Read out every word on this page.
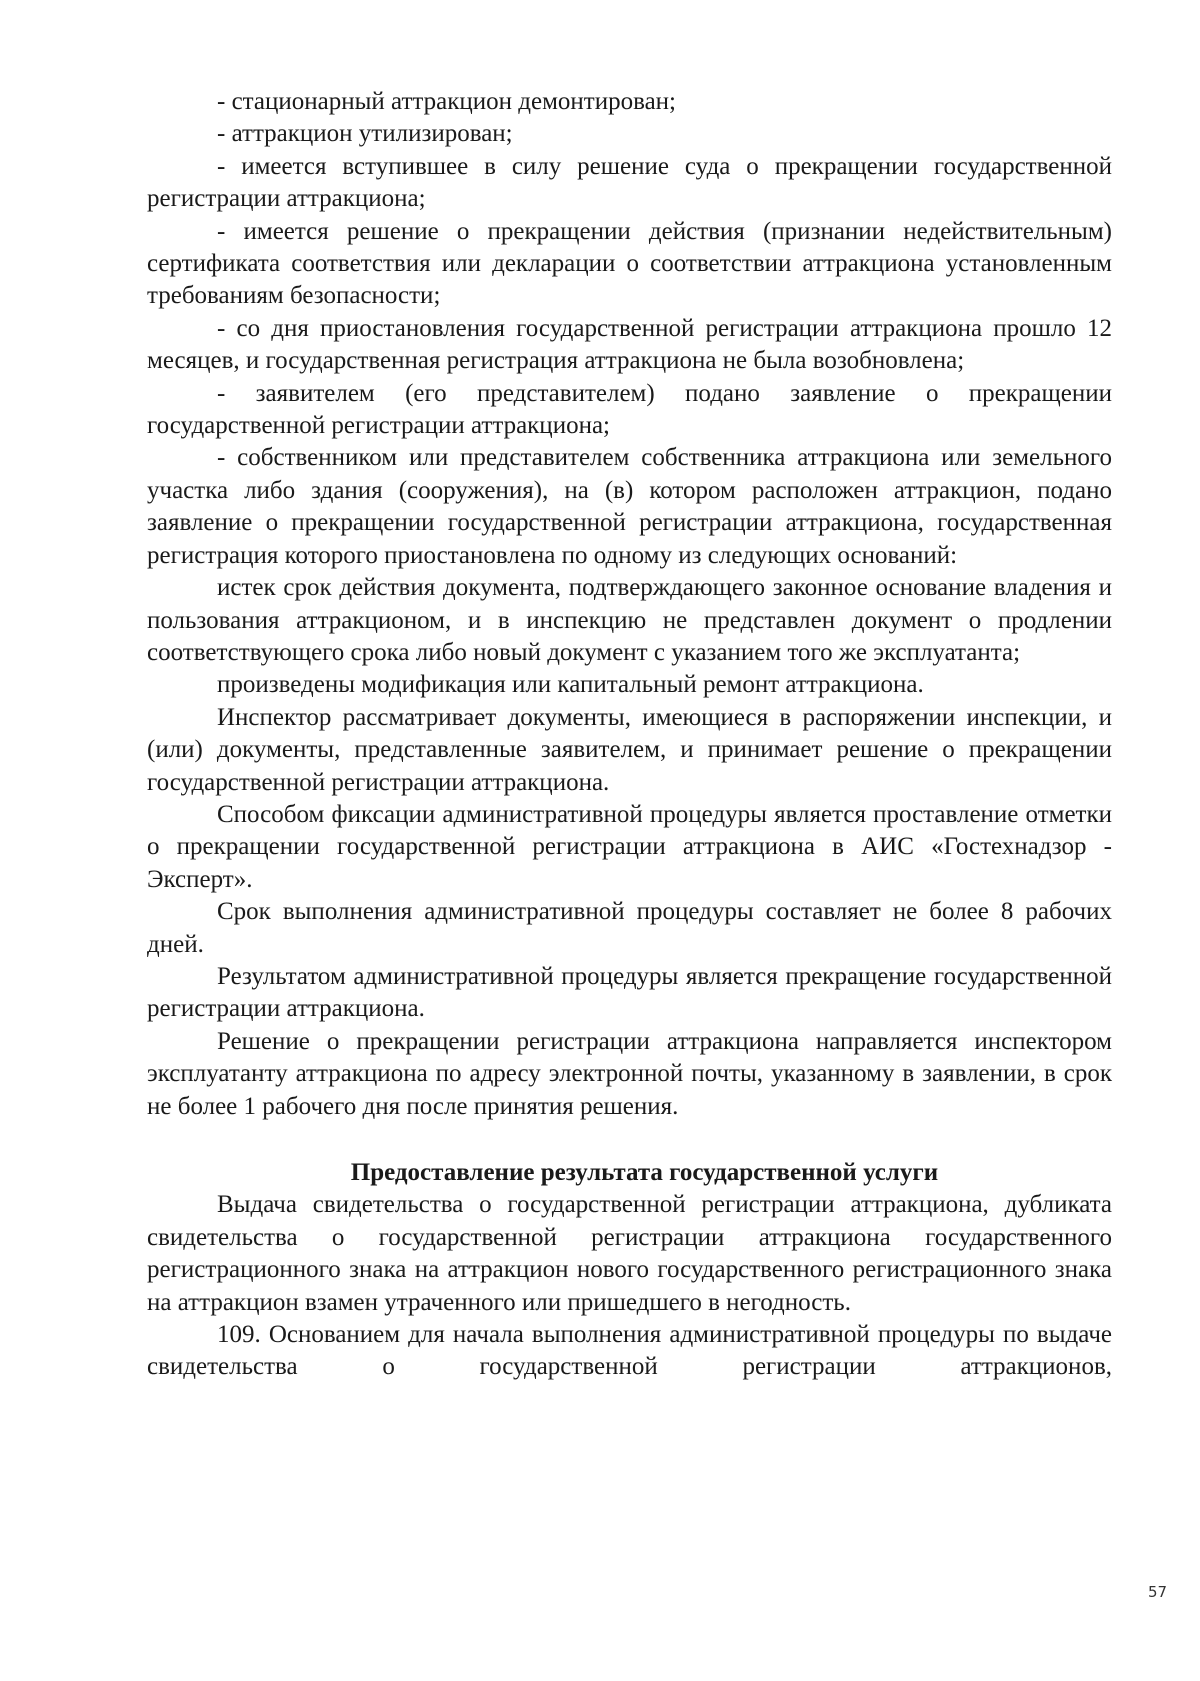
- стационарный аттракцион демонтирован;

- аттракцион утилизирован;

- имеется вступившее в силу решение суда о прекращении государственной регистрации аттракциона;

- имеется решение о прекращении действия (признании недействительным) сертификата соответствия или декларации о соответствии аттракциона установленным требованиям безопасности;

- со дня приостановления государственной регистрации аттракциона прошло 12 месяцев, и государственная регистрация аттракциона не была возобновлена;

- заявителем (его представителем) подано заявление о прекращении государственной регистрации аттракциона;

- собственником или представителем собственника аттракциона или земельного участка либо здания (сооружения), на (в) котором расположен аттракцион, подано заявление о прекращении государственной регистрации аттракциона, государственная регистрация которого приостановлена по одному из следующих оснований:

истек срок действия документа, подтверждающего законное основание владения и пользования аттракционом, и в инспекцию не представлен документ о продлении соответствующего срока либо новый документ с указанием того же эксплуатанта;

произведены модификация или капитальный ремонт аттракциона.

Инспектор рассматривает документы, имеющиеся в распоряжении инспекции, и (или) документы, представленные заявителем, и принимает решение о прекращении государственной регистрации аттракциона.

Способом фиксации административной процедуры является проставление отметки о прекращении государственной регистрации аттракциона в АИС «Гостехнадзор - Эксперт».

Срок выполнения административной процедуры составляет не более 8 рабочих дней.

Результатом административной процедуры является прекращение государственной регистрации аттракциона.

Решение о прекращении регистрации аттракциона направляется инспектором эксплуатанту аттракциона по адресу электронной почты, указанному в заявлении, в срок не более 1 рабочего дня после принятия решения.

Предоставление результата государственной услуги

Выдача свидетельства о государственной регистрации аттракциона, дубликата свидетельства о государственной регистрации аттракциона государственного регистрационного знака на аттракцион нового государственного регистрационного знака на аттракцион взамен утраченного или пришедшего в негодность.

109. Основанием для начала выполнения административной процедуры по выдаче свидетельства о государственной регистрации аттракционов,

57
